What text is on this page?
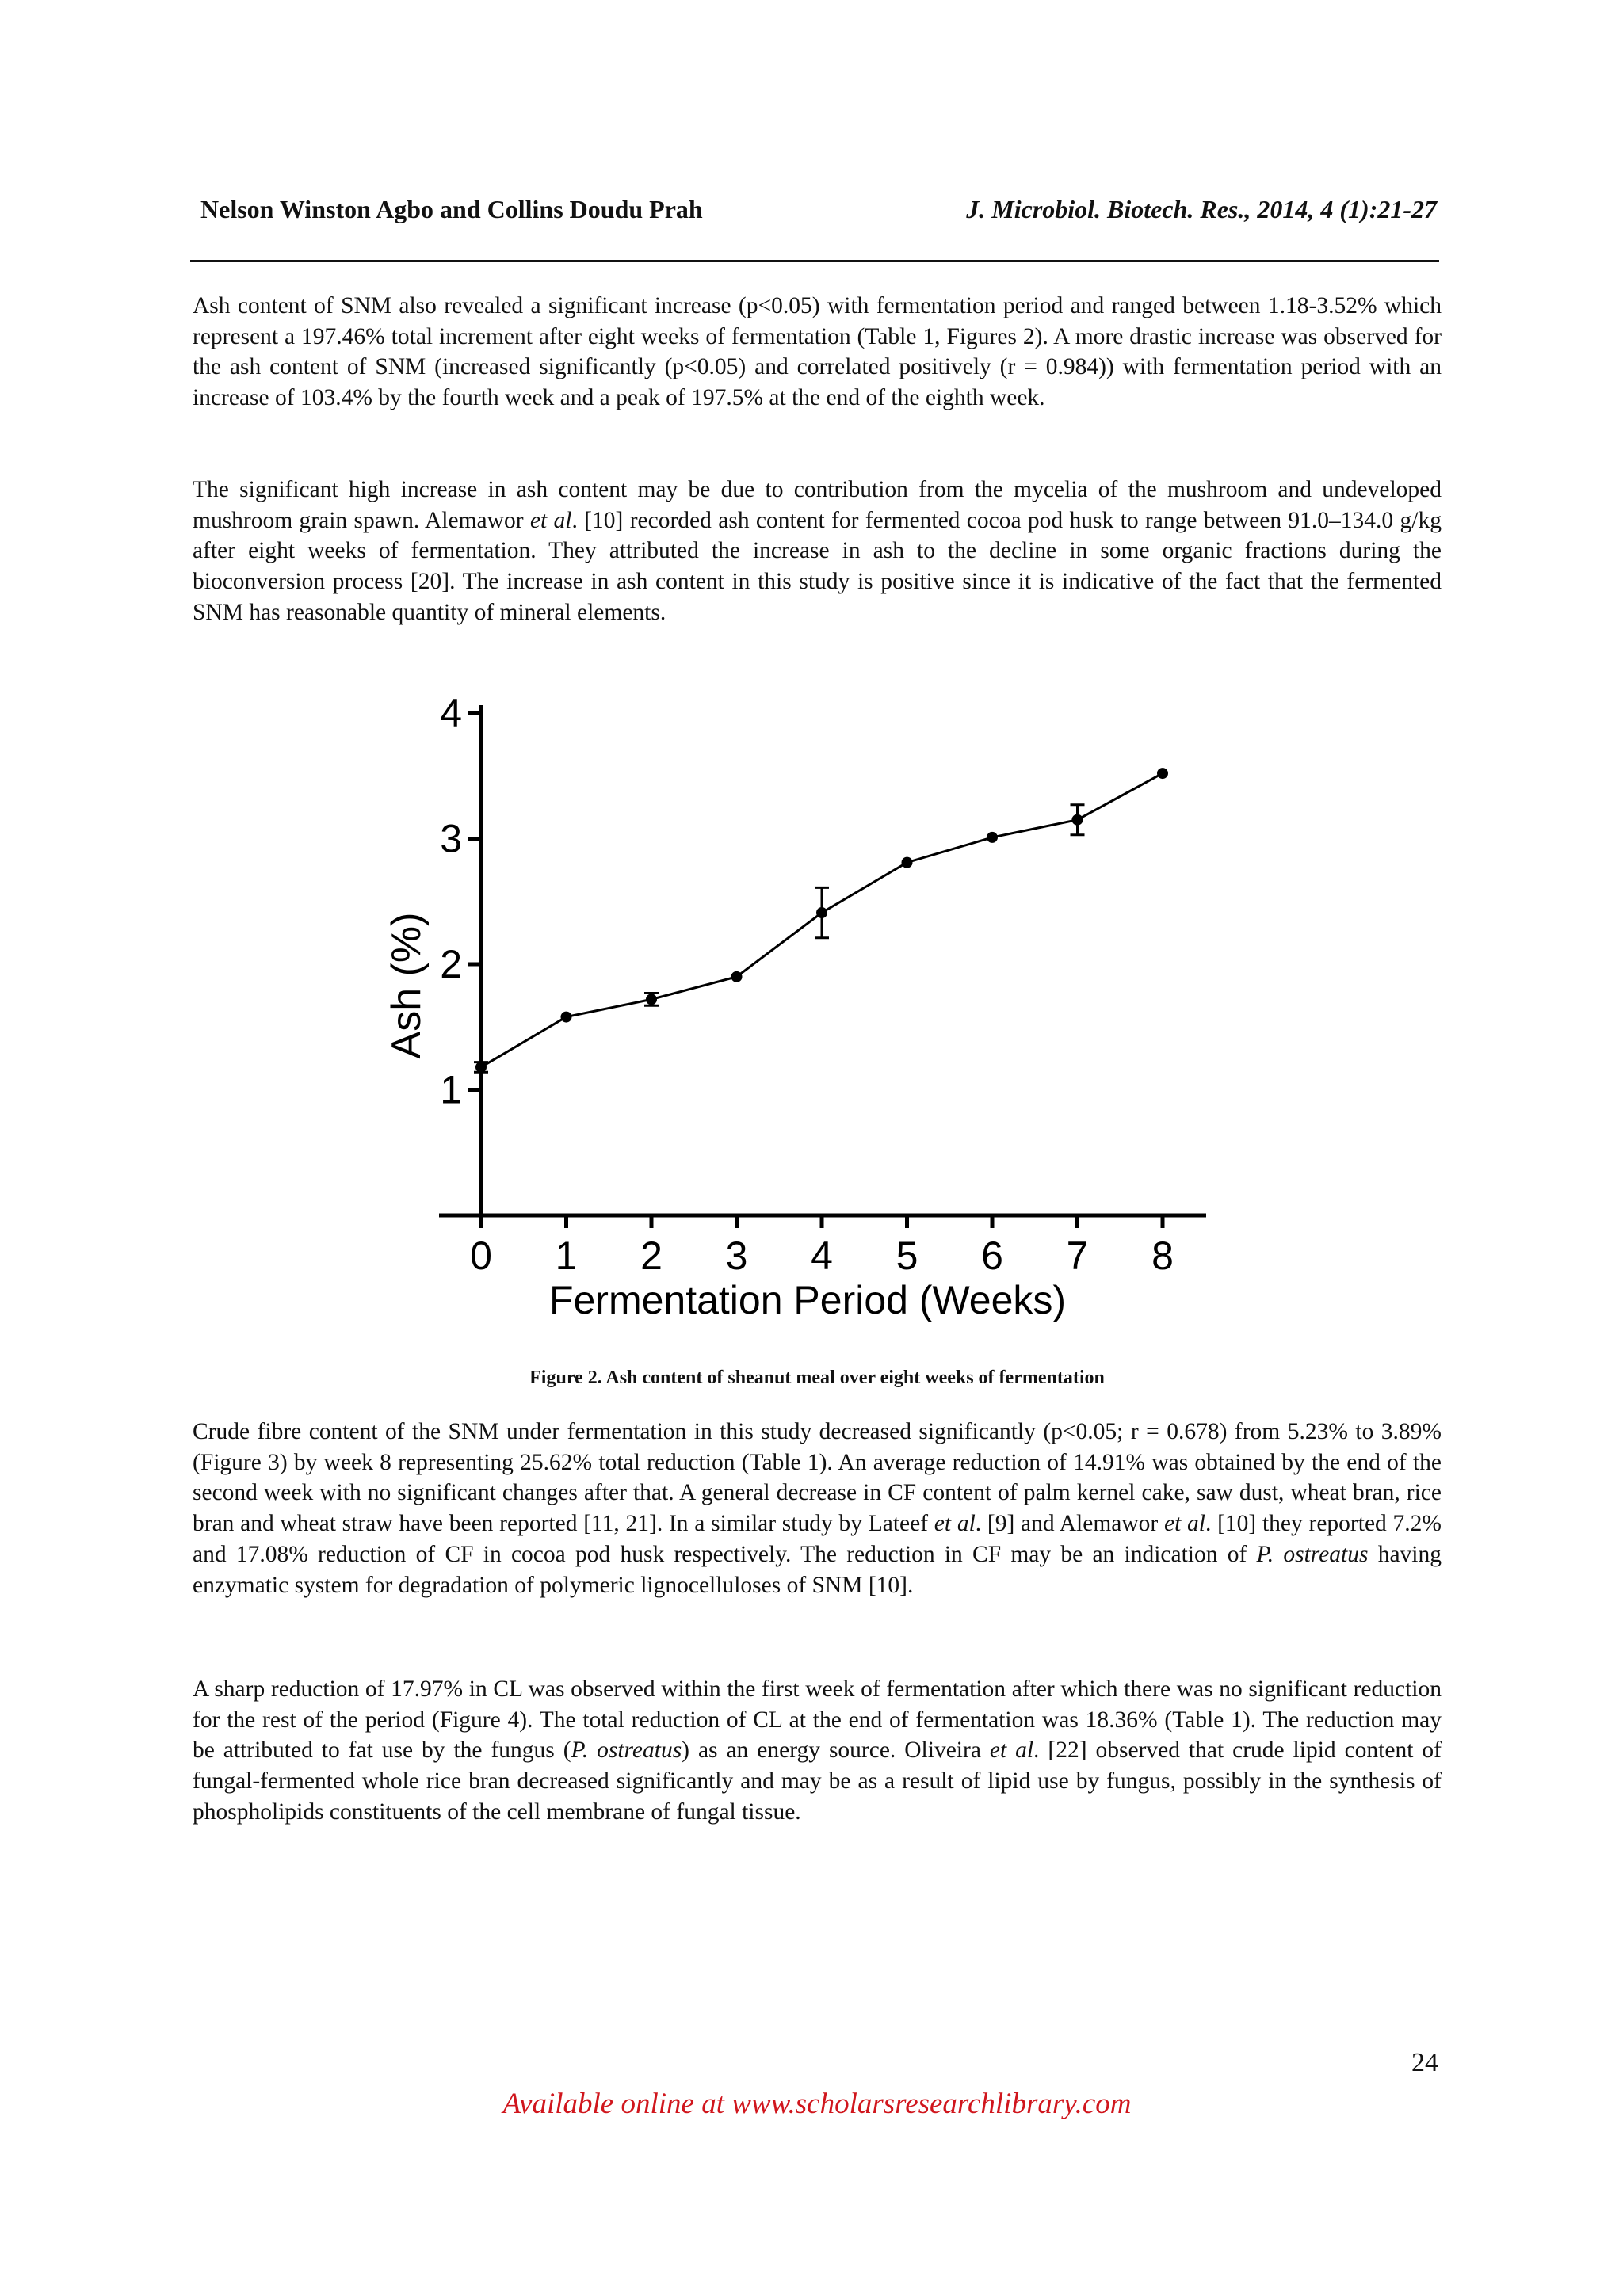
Nelson Winston Agbo and Collins Doudu Prah	J. Microbiol. Biotech. Res., 2014, 4 (1):21-27
Ash content of SNM also revealed a significant increase (p<0.05) with fermentation period and ranged between 1.18-3.52% which represent a 197.46% total increment after eight weeks of fermentation (Table 1, Figures 2). A more drastic increase was observed for the ash content of SNM (increased significantly (p<0.05) and correlated positively (r = 0.984)) with fermentation period with an increase of 103.4% by the fourth week and a peak of 197.5% at the end of the eighth week.
The significant high increase in ash content may be due to contribution from the mycelia of the mushroom and undeveloped mushroom grain spawn. Alemawor et al. [10] recorded ash content for fermented cocoa pod husk to range between 91.0–134.0 g/kg after eight weeks of fermentation. They attributed the increase in ash to the decline in some organic fractions during the bioconversion process [20]. The increase in ash content in this study is positive since it is indicative of the fact that the fermented SNM has reasonable quantity of mineral elements.
1
2
3
4
0 1 2 3 4 5 6 7 8
Ash (%)
Fermentation Period (Weeks)
Figure 2. Ash content of sheanut meal over eight weeks of fermentation
Crude fibre content of the SNM under fermentation in this study decreased significantly (p<0.05; r = 0.678) from 5.23% to 3.89% (Figure 3) by week 8 representing 25.62% total reduction (Table 1). An average reduction of 14.91% was obtained by the end of the second week with no significant changes after that. A general decrease in CF content of palm kernel cake, saw dust, wheat bran, rice bran and wheat straw have been reported [11, 21]. In a similar study by Lateef et al. [9] and Alemawor et al. [10] they reported 7.2% and 17.08% reduction of CF in cocoa pod husk respectively. The reduction in CF may be an indication of P. ostreatus having enzymatic system for degradation of polymeric lignocelluloses of SNM [10].
A sharp reduction of 17.97% in CL was observed within the first week of fermentation after which there was no significant reduction for the rest of the period (Figure 4). The total reduction of CL at the end of fermentation was 18.36% (Table 1). The reduction may be attributed to fat use by the fungus (P. ostreatus) as an energy source. Oliveira et al. [22] observed that crude lipid content of fungal-fermented whole rice bran decreased significantly and may be as a result of lipid use by fungus, possibly in the synthesis of phospholipids constituents of the cell membrane of fungal tissue.
24
Available online at www.scholarsresearchlibrary.com
